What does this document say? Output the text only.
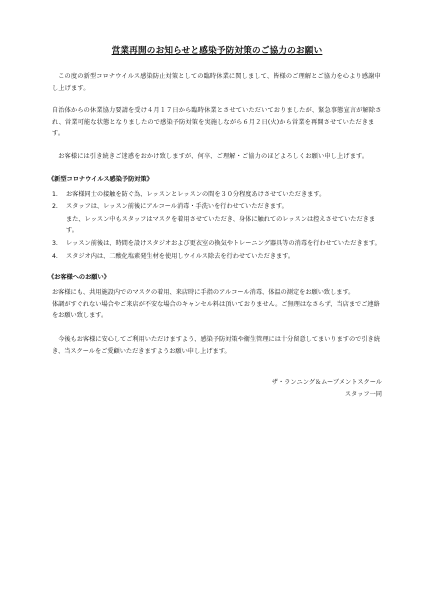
営業再開のお知らせと感染予防対策のご協力のお願い

この度の新型コロナウイルス感染防止対策としての臨時休業に関しまして、皆様のご理解とご協力を心より感謝申し上げます。

自治体からの休業協力要請を受け４月１７日から臨時休業とさせていただいておりましたが、緊急事態宣言が解除され、営業可能な状態となりましたので感染予防対策を実施しながら６月２日(火)から営業を再開させていただきます。

お客様には引き続きご迷惑をおかけ致しますが、何卒、ご理解・ご協力のほどよろしくお願い申し上げます。

《新型コロナウイルス感染予防対策》
1. お客様同士の接触を防ぐ為、レッスンとレッスンの間を３０分程度あけさせていただきます。
2. スタッフは、レッスン前後にアルコール消毒・手洗いを行わせていただきます。
また、レッスン中もスタッフはマスクを着用させていただき、身体に触れてのレッスンは控えさせていただきます。
3. レッスン前後は、時間を設けスタジオおよび更衣室の換気やトレーニング器具等の消毒を行わせていただきます。
4. スタジオ内は、二酸化塩素発生材を使用しウイルス除去を行わせていただきます。
《お客様へのお願い》

お客様にも、共用施設内でのマスクの着用、来店時に手指のアルコール消毒、体温の測定をお願い致します。

体調がすぐれない場合やご来店が不安な場合のキャンセル料は頂いておりません。ご無理はなさらず、当店までご連絡をお願い致します。

今後もお客様に安心してご利用いただけますよう、感染予防対策や衛生管理には十分留意してまいりますので引き続き、当スクールをご愛顧いただきますようお願い申し上げます。

ザ・ランニング＆ムーブメントスクール
スタッフ一同
